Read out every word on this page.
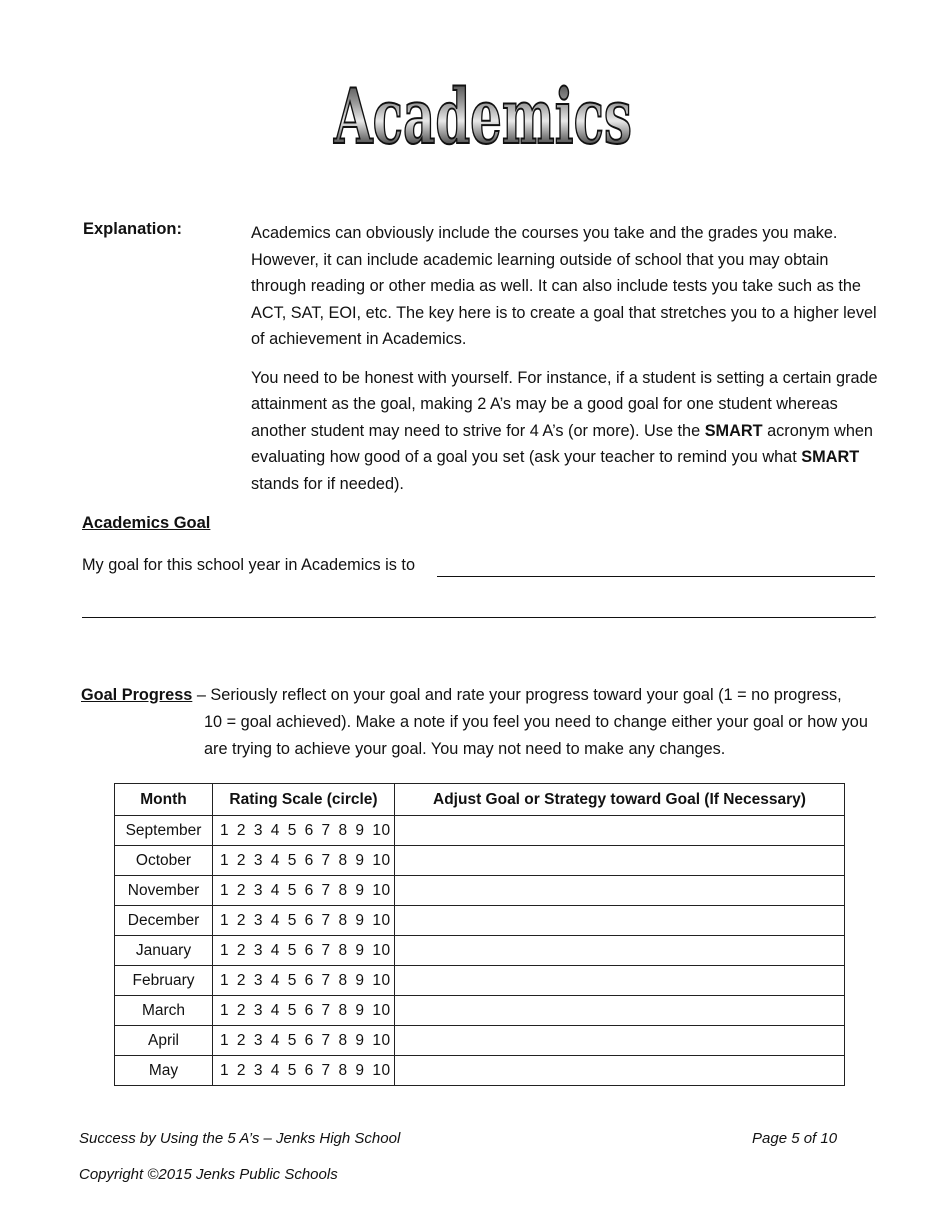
Academics
Explanation:	Academics can obviously include the courses you take and the grades you make. However, it can include academic learning outside of school that you may obtain through reading or other media as well. It can also include tests you take such as the ACT, SAT, EOI, etc. The key here is to create a goal that stretches you to a higher level of achievement in Academics.

You need to be honest with yourself. For instance, if a student is setting a certain grade attainment as the goal, making 2 A’s may be a good goal for one student whereas another student may need to strive for 4 A’s (or more). Use the SMART acronym when evaluating how good of a goal you set (ask your teacher to remind you what SMART stands for if needed).

Academics Goal
My goal for this school year in Academics is to
.
Goal Progress – Seriously reflect on your goal and rate your progress toward your goal (1 = no progress,
10 = goal achieved). Make a note if you feel you need to change either your goal or how you are trying to achieve your goal. You may not need to make any changes.
Month	Rating Scale (circle)	Adjust Goal or Strategy toward Goal (If Necessary)
September	1 2 3 4 5 6 7 8 9 10	
October	1 2 3 4 5 6 7 8 9 10	
November	1 2 3 4 5 6 7 8 9 10	
December	1 2 3 4 5 6 7 8 9 10	
January	1 2 3 4 5 6 7 8 9 10	
February	1 2 3 4 5 6 7 8 9 10	
March	1 2 3 4 5 6 7 8 9 10	
April	1 2 3 4 5 6 7 8 9 10	
May	1 2 3 4 5 6 7 8 9 10	
Success by Using the 5 A’s – Jenks High School	Page 5 of 10
Copyright ©2015 Jenks Public Schools
